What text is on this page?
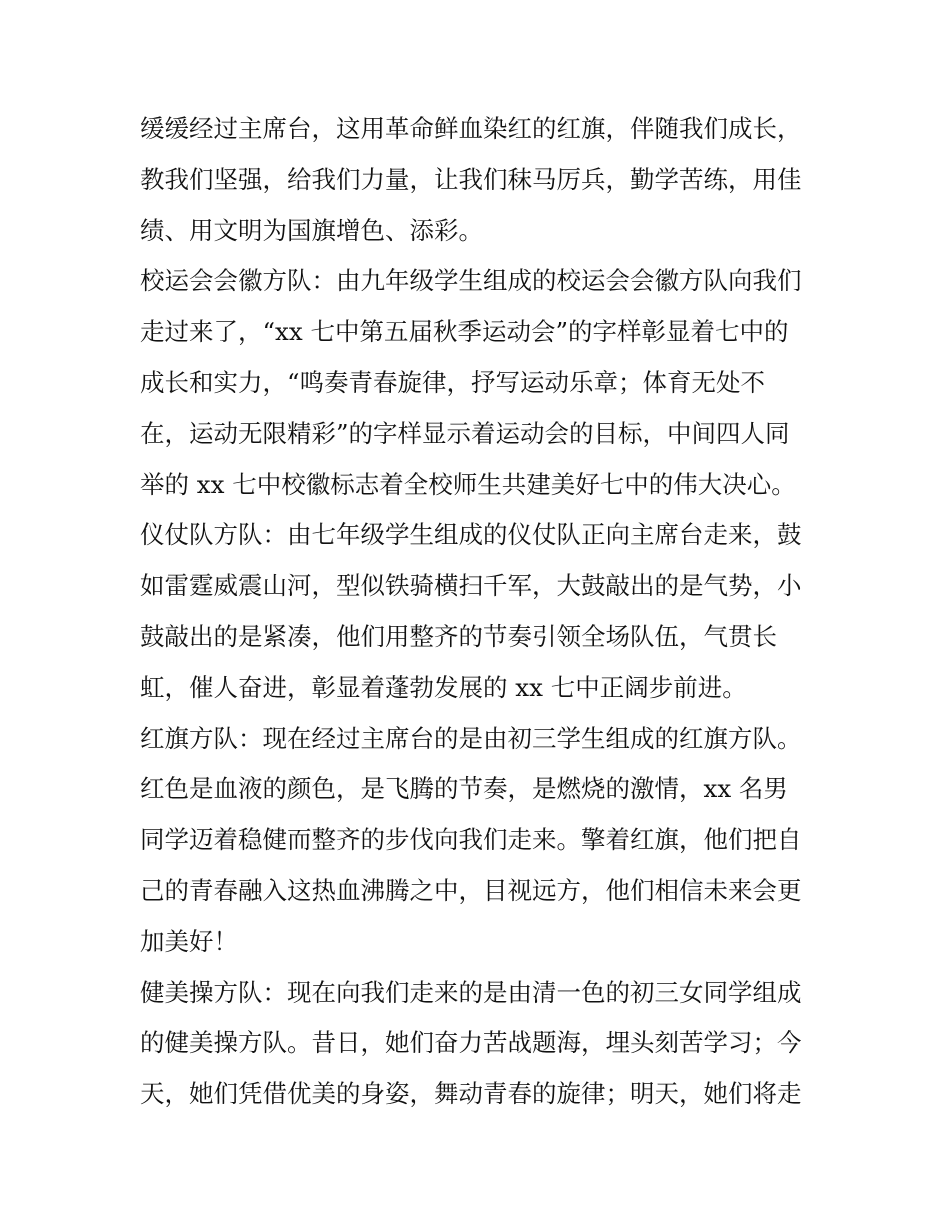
缓缓经过主席台，这用革命鲜血染红的红旗，伴随我们成长，
教我们坚强，给我们力量，让我们秣马厉兵，勤学苦练，用佳
绩、用文明为国旗增色、添彩。
校运会会徽方队：由九年级学生组成的校运会会徽方队向我们
走过来了，“xx 七中第五届秋季运动会”的字样彰显着七中的
成长和实力，“鸣奏青春旋律，抒写运动乐章；体育无处不
在，运动无限精彩”的字样显示着运动会的目标，中间四人同
举的 xx 七中校徽标志着全校师生共建美好七中的伟大决心。
仪仗队方队：由七年级学生组成的仪仗队正向主席台走来，鼓
如雷霆威震山河，型似铁骑横扫千军，大鼓敲出的是气势，小
鼓敲出的是紧凑，他们用整齐的节奏引领全场队伍，气贯长
虹，催人奋进，彰显着蓬勃发展的 xx 七中正阔步前进。
红旗方队：现在经过主席台的是由初三学生组成的红旗方队。
红色是血液的颜色，是飞腾的节奏，是燃烧的激情，xx 名男
同学迈着稳健而整齐的步伐向我们走来。擎着红旗，他们把自
己的青春融入这热血沸腾之中，目视远方，他们相信未来会更
加美好！
健美操方队：现在向我们走来的是由清一色的初三女同学组成
的健美操方队。昔日，她们奋力苦战题海，埋头刻苦学习；今
天，她们凭借优美的身姿，舞动青春的旋律；明天，她们将走
